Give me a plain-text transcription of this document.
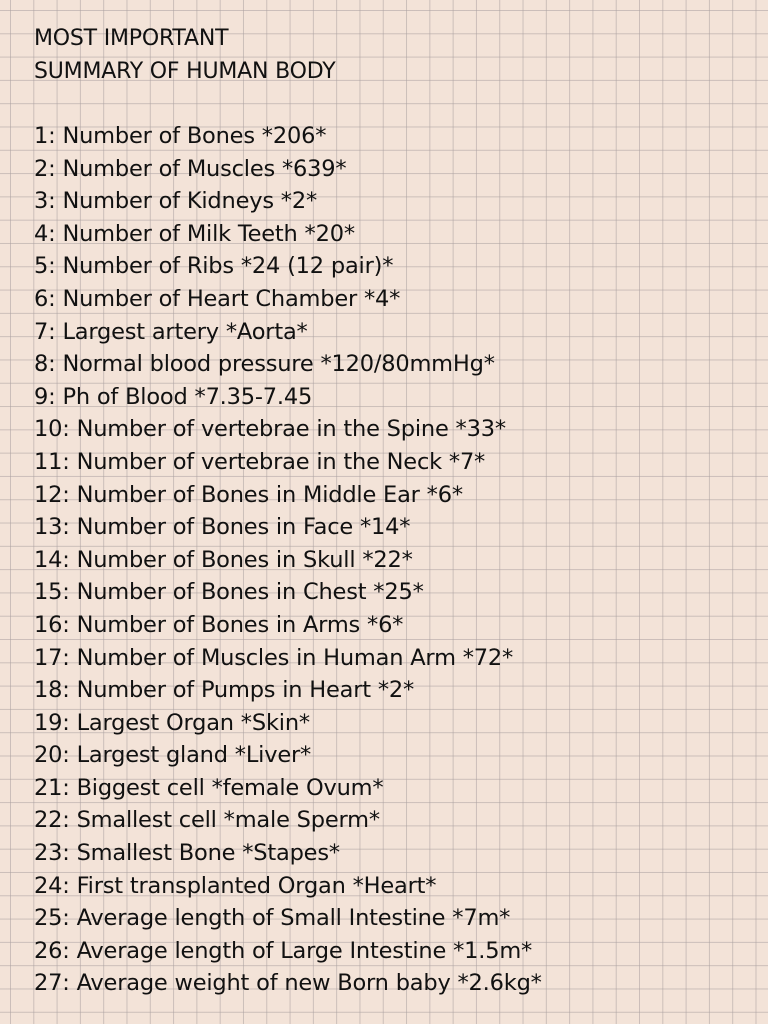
MOST IMPORTANT
SUMMARY OF HUMAN BODY
1: Number of Bones *206*
2: Number of Muscles *639*
3: Number of Kidneys *2*
4: Number of Milk Teeth *20*
5: Number of Ribs *24 (12 pair)*
6: Number of Heart Chamber *4*
7: Largest artery *Aorta*
8: Normal blood pressure *120/80mmHg*
9: Ph of Blood *7.35-7.45
10: Number of vertebrae in the Spine *33*
11: Number of vertebrae in the Neck *7*
12: Number of Bones in Middle Ear *6*
13: Number of Bones in Face *14*
14: Number of Bones in Skull *22*
15: Number of Bones in Chest *25*
16: Number of Bones in Arms *6*
17: Number of Muscles in Human Arm *72*
18: Number of Pumps in Heart *2*
19: Largest Organ *Skin*
20: Largest gland *Liver*
21: Biggest cell *female Ovum*
22: Smallest cell *male Sperm*
23: Smallest Bone *Stapes*
24: First transplanted Organ *Heart*
25: Average length of Small Intestine *7m*
26: Average length of Large Intestine *1.5m*
27: Average weight of new Born baby *2.6kg*
